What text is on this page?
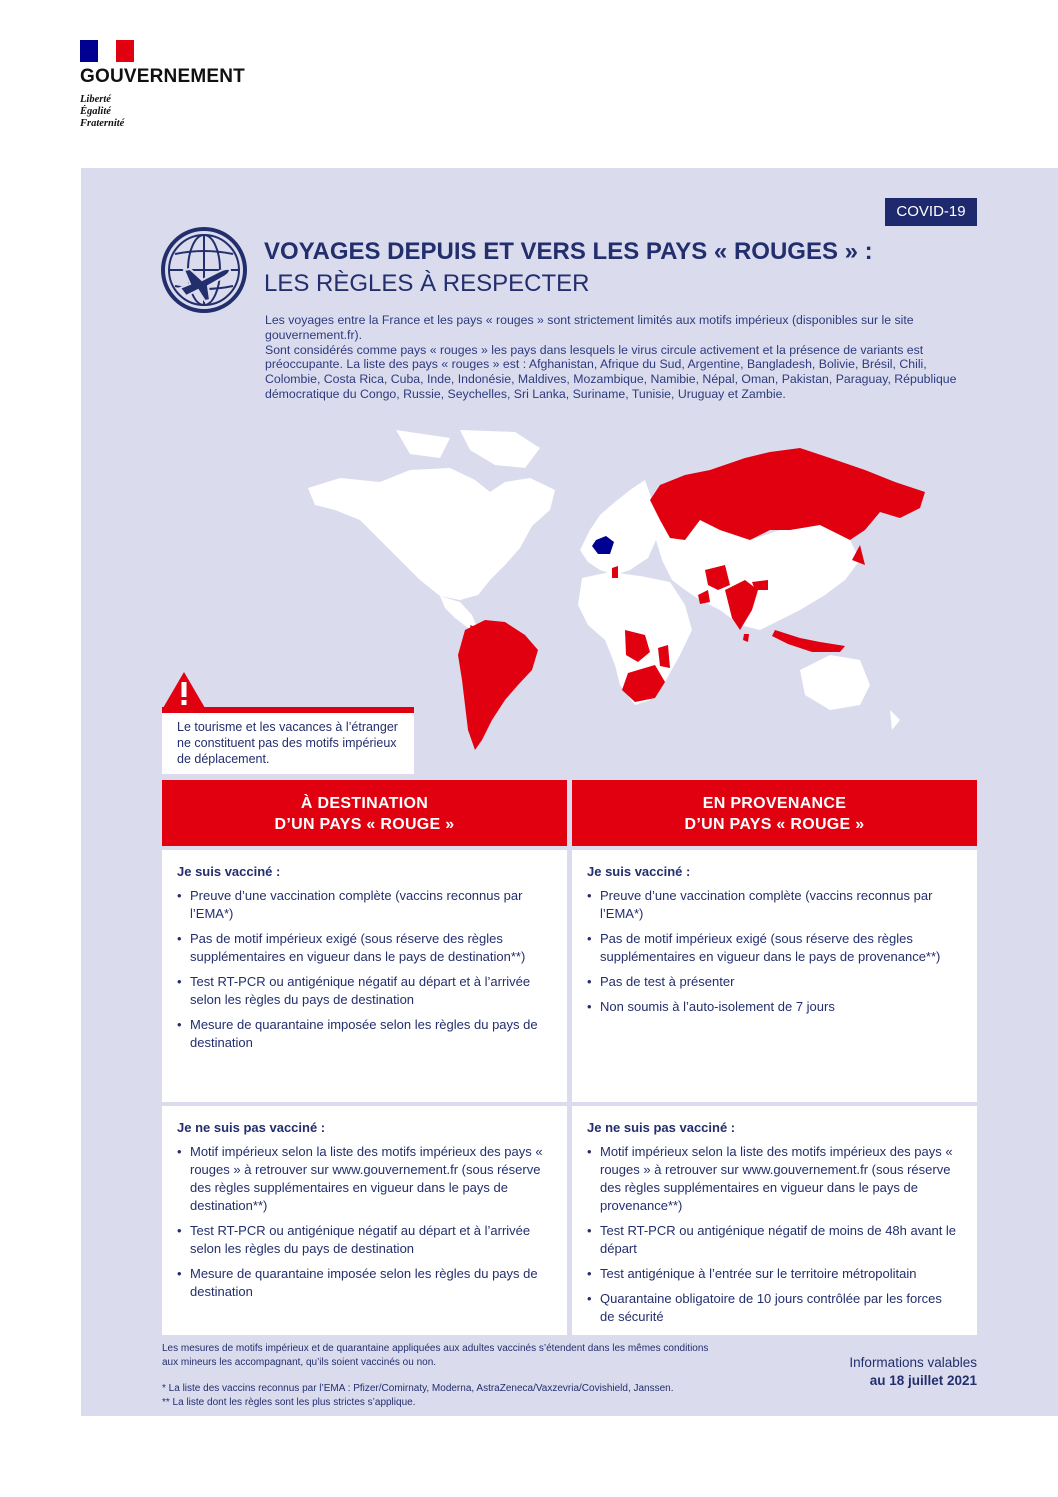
GOUVERNEMENT
Liberté
Égalité
Fraternité
COVID-19
VOYAGES DEPUIS ET VERS LES PAYS « ROUGES » :
LES RÈGLES À RESPECTER

Les voyages entre la France et les pays « rouges » sont strictement limités aux motifs impérieux (disponibles sur le site gouvernement.fr).

Sont considérés comme pays « rouges » les pays dans lesquels le virus circule activement et la présence de variants est préoccupante. La liste des pays « rouges » est : Afghanistan, Afrique du Sud, Argentine, Bangladesh, Bolivie, Brésil, Chili, Colombie, Costa Rica, Cuba, Inde, Indonésie, Maldives, Mozambique, Namibie, Népal, Oman, Pakistan, Paraguay, République démocratique du Congo, Russie, Seychelles, Sri Lanka, Suriname, Tunisie, Uruguay et Zambie.

Le tourisme et les vacances à l’étranger ne constituent pas des motifs impérieux de déplacement.
À DESTINATION
D’UN PAYS « ROUGE »
EN PROVENANCE
D’UN PAYS « ROUGE »
Je suis vacciné :
• Preuve d’une vaccination complète (vaccins reconnus par l’EMA*)
• Pas de motif impérieux exigé (sous réserve des règles supplémentaires en vigueur dans le pays de destination**)
• Test RT-PCR ou antigénique négatif au départ et à l’arrivée selon les règles du pays de destination
• Mesure de quarantaine imposée selon les règles du pays de destination
Je suis vacciné :
• Preuve d’une vaccination complète (vaccins reconnus par l’EMA*)
• Pas de motif impérieux exigé (sous réserve des règles supplémentaires en vigueur dans le pays de provenance**)
• Pas de test à présenter
• Non soumis à l’auto-isolement de 7 jours
Je ne suis pas vacciné :
• Motif impérieux selon la liste des motifs impérieux des pays « rouges » à retrouver sur www.gouvernement.fr (sous réserve des règles supplémentaires en vigueur dans le pays de destination**)
• Test RT-PCR ou antigénique négatif au départ et à l’arrivée selon les règles du pays de destination
• Mesure de quarantaine imposée selon les règles du pays de destination
Je ne suis pas vacciné :
• Motif impérieux selon la liste des motifs impérieux des pays « rouges » à retrouver sur www.gouvernement.fr (sous réserve des règles supplémentaires en vigueur dans le pays de provenance**)
• Test RT-PCR ou antigénique négatif de moins de 48h avant le départ
• Test antigénique à l’entrée sur le territoire métropolitain
• Quarantaine obligatoire de 10 jours contrôlée par les forces de sécurité
Les mesures de motifs impérieux et de quarantaine appliquées aux adultes vaccinés s’étendent dans les mêmes conditions aux mineurs les accompagnant, qu’ils soient vaccinés ou non.
* La liste des vaccins reconnus par l’EMA : Pfizer/Comirnaty, Moderna, AstraZeneca/Vaxzevria/Covishield, Janssen.
** La liste dont les règles sont les plus strictes s’applique.
Informations valables
au 18 juillet 2021
